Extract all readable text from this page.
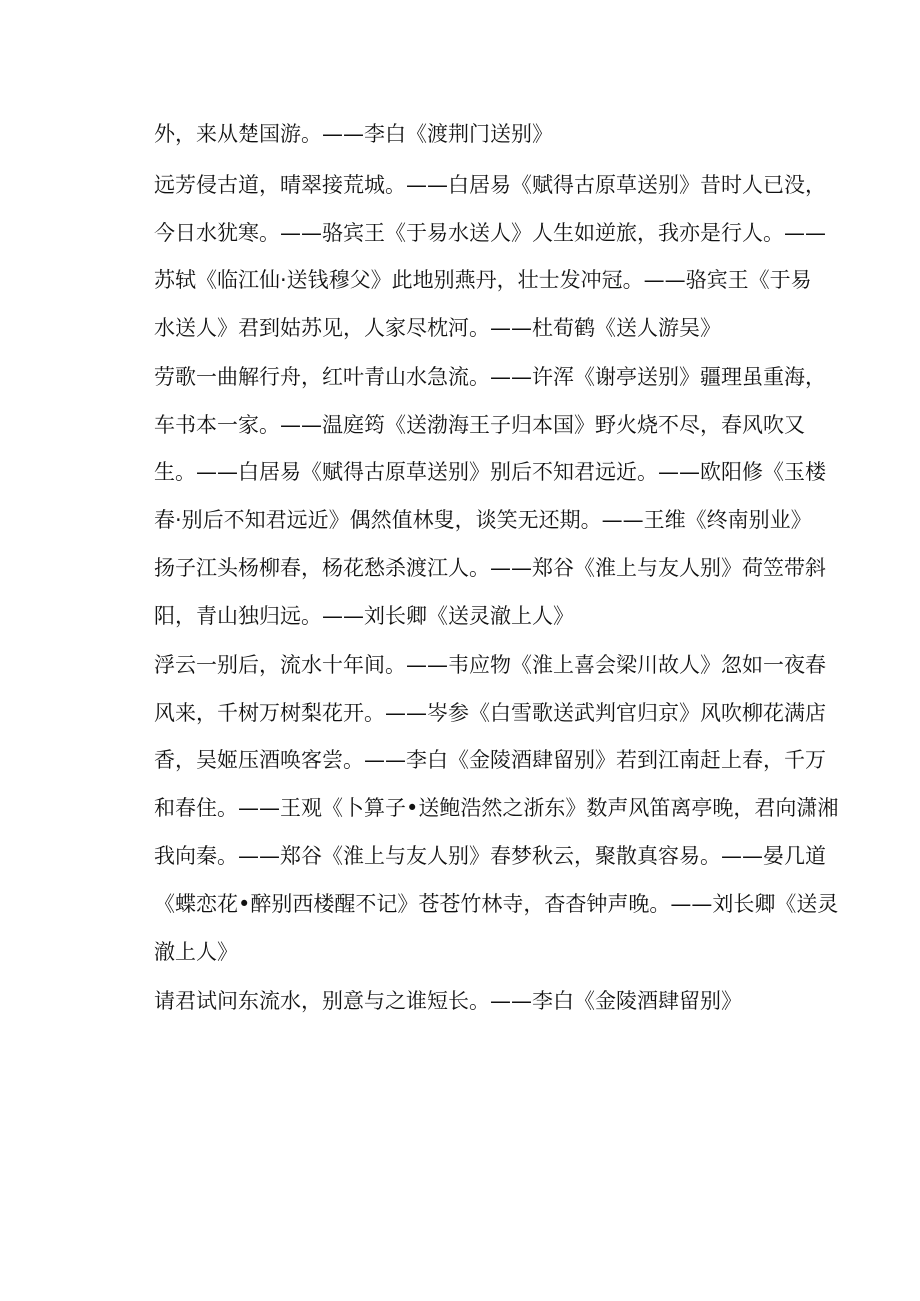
外，来从楚国游。——李白《渡荆门送别》
远芳侵古道，晴翠接荒城。——白居易《赋得古原草送别》昔时人已没，
今日水犹寒。——骆宾王《于易水送人》人生如逆旅，我亦是行人。——
苏轼《临江仙·送钱穆父》此地别燕丹，壮士发冲冠。——骆宾王《于易
水送人》君到姑苏见，人家尽枕河。——杜荀鹤《送人游吴》
劳歌一曲解行舟，红叶青山水急流。——许浑《谢亭送别》疆理虽重海，
车书本一家。——温庭筠《送渤海王子归本国》野火烧不尽，春风吹又
生。——白居易《赋得古原草送别》别后不知君远近。——欧阳修《玉楼
春·别后不知君远近》偶然值林叟，谈笑无还期。——王维《终南别业》
扬子江头杨柳春，杨花愁杀渡江人。——郑谷《淮上与友人别》荷笠带斜
阳，青山独归远。——刘长卿《送灵澈上人》
浮云一别后，流水十年间。——韦应物《淮上喜会梁川故人》忽如一夜春
风来，千树万树梨花开。——岑参《白雪歌送武判官归京》风吹柳花满店
香，吴姬压酒唤客尝。——李白《金陵酒肆留别》若到江南赶上春，千万
和春住。——王观《卜算子•送鲍浩然之浙东》数声风笛离亭晚，君向潇湘
我向秦。——郑谷《淮上与友人别》春梦秋云，聚散真容易。——晏几道
《蝶恋花•醉别西楼醒不记》苍苍竹林寺，杳杳钟声晚。——刘长卿《送灵
澈上人》
请君试问东流水，别意与之谁短长。——李白《金陵酒肆留别》
